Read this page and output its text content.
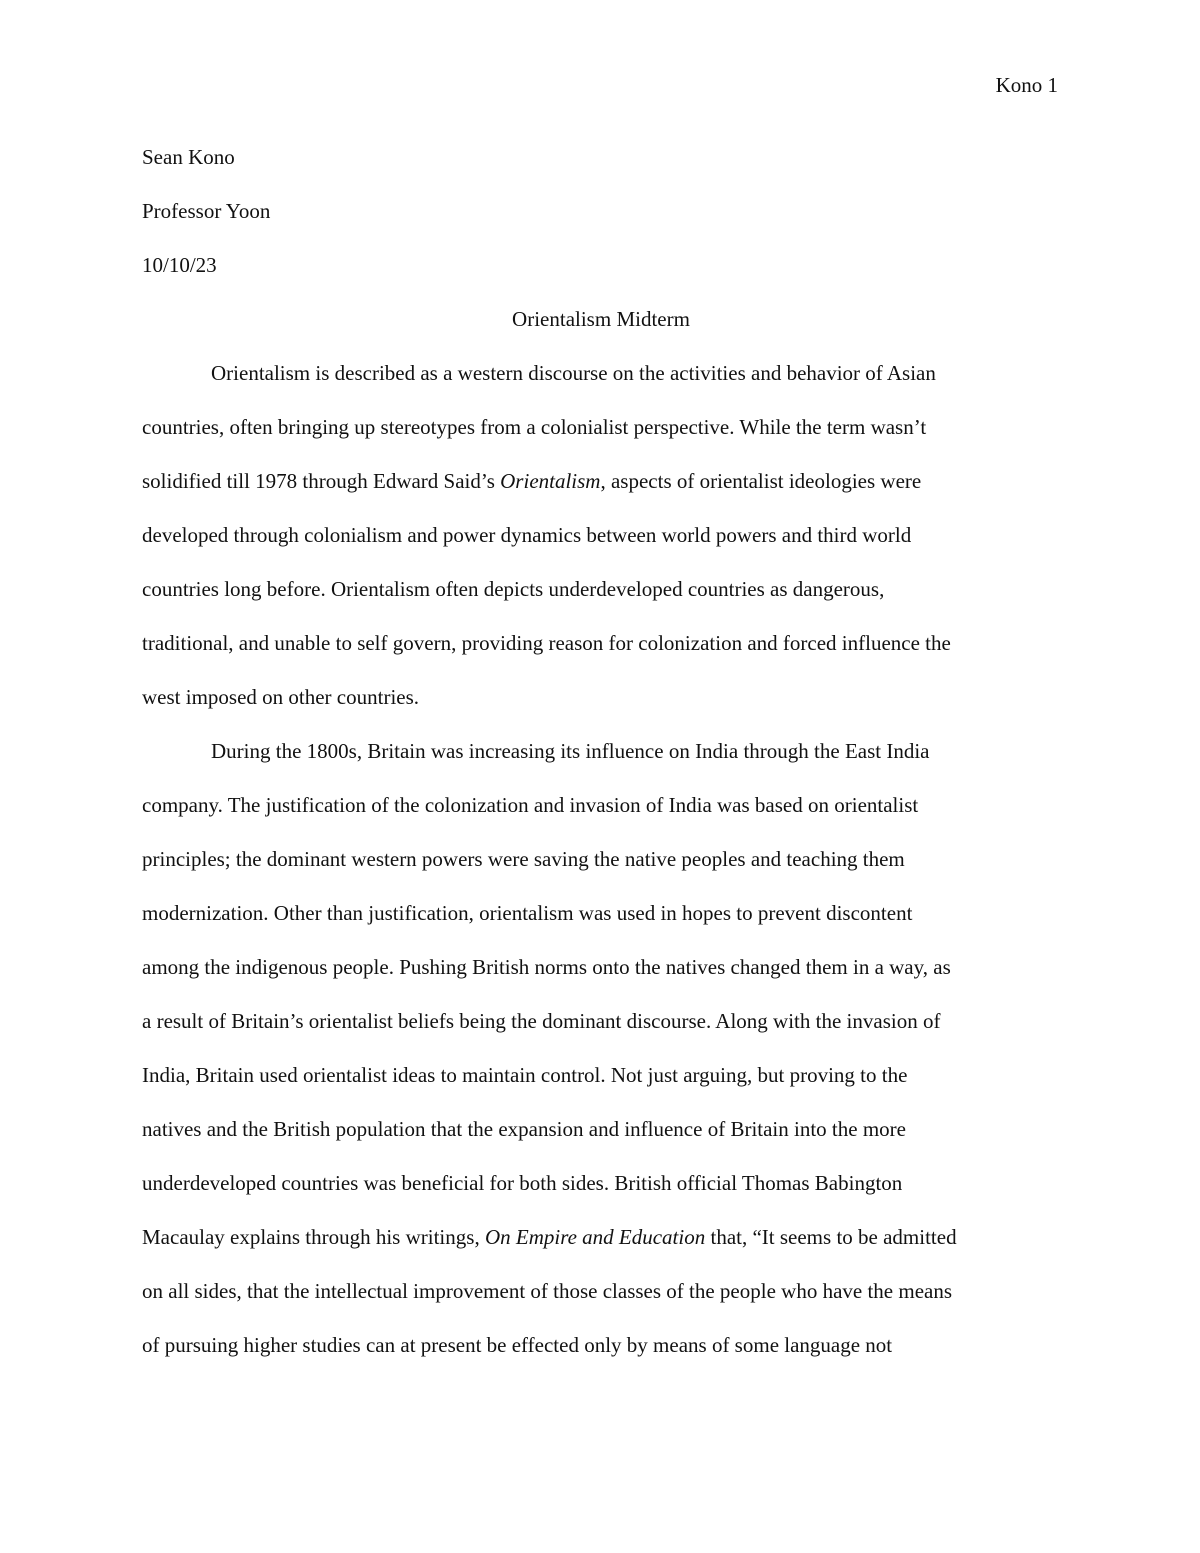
Kono 1
Sean Kono
Professor Yoon
10/10/23
Orientalism Midterm
Orientalism is described as a western discourse on the activities and behavior of Asian
countries, often bringing up stereotypes from a colonialist perspective. While the term wasn’t
solidified till 1978 through Edward Said’s Orientalism, aspects of orientalist ideologies were
developed through colonialism and power dynamics between world powers and third world
countries long before. Orientalism often depicts underdeveloped countries as dangerous,
traditional, and unable to self govern, providing reason for colonization and forced influence the
west imposed on other countries.
During the 1800s, Britain was increasing its influence on India through the East India
company. The justification of the colonization and invasion of India was based on orientalist
principles; the dominant western powers were saving the native peoples and teaching them
modernization. Other than justification, orientalism was used in hopes to prevent discontent
among the indigenous people. Pushing British norms onto the natives changed them in a way, as
a result of Britain’s orientalist beliefs being the dominant discourse. Along with the invasion of
India, Britain used orientalist ideas to maintain control. Not just arguing, but proving to the
natives and the British population that the expansion and influence of Britain into the more
underdeveloped countries was beneficial for both sides. British official Thomas Babington
Macaulay explains through his writings, On Empire and Education that, “It seems to be admitted
on all sides, that the intellectual improvement of those classes of the people who have the means
of pursuing higher studies can at present be effected only by means of some language not
